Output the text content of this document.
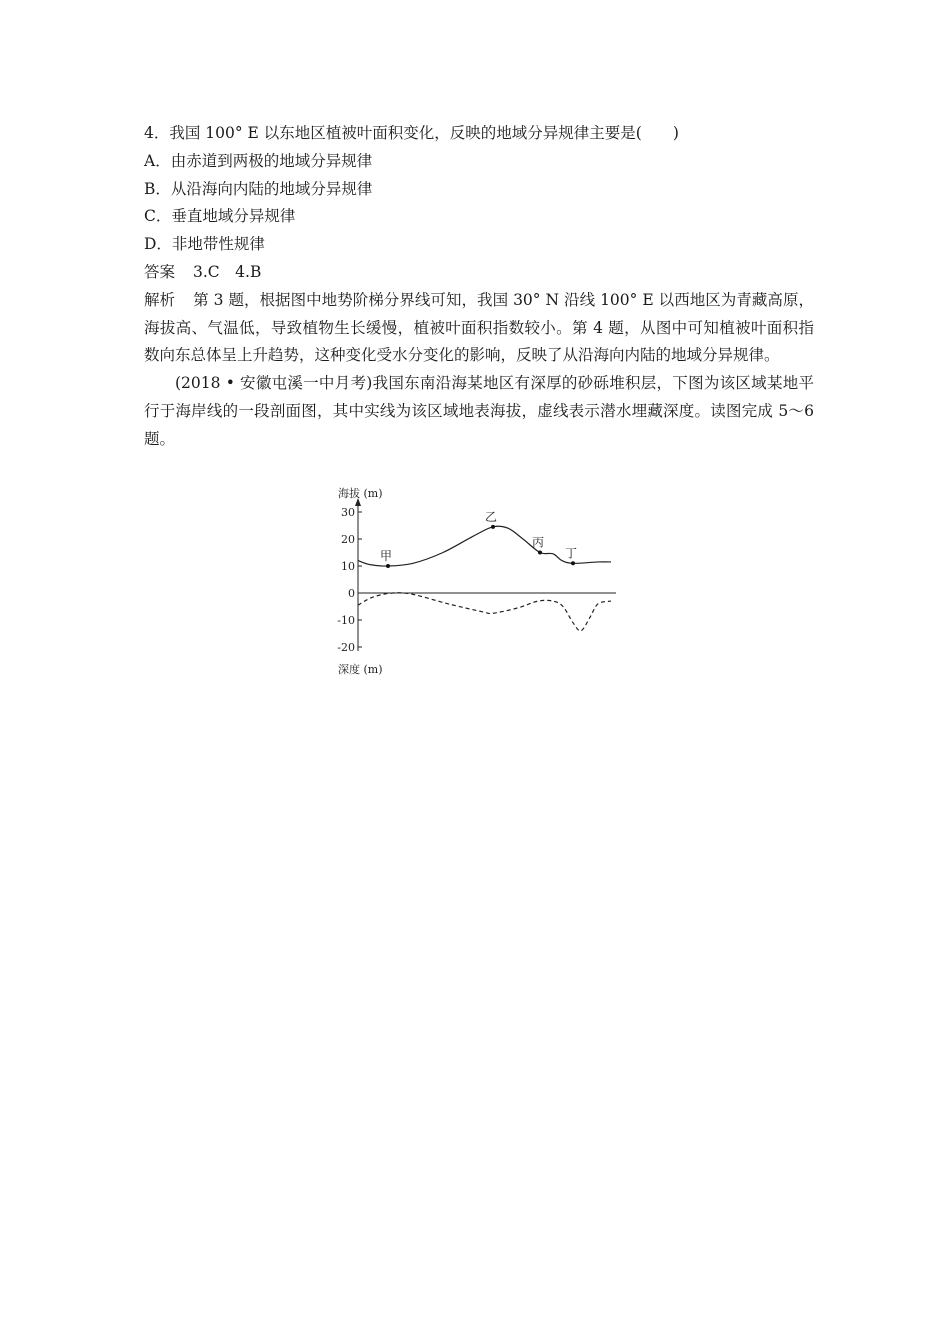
4．我国 100° E 以东地区植被叶面积变化，反映的地域分异规律主要是(　　)
A．由赤道到两极的地域分异规律
B．从沿海向内陆的地域分异规律
C．垂直地域分异规律
D．非地带性规律
答案 3.C　4.B
解析 第 3 题，根据图中地势阶梯分界线可知，我国 30° N 沿线 100° E 以西地区为青藏高原，海拔高、气温低，导致植物生长缓慢，植被叶面积指数较小。第 4 题，从图中可知植被叶面积指数向东总体呈上升趋势，这种变化受水分变化的影响，反映了从沿海向内陆的地域分异规律。
(2018 • 安徽屯溪一中月考)我国东南沿海某地区有深厚的砂砾堆积层，下图为该区域某地平行于海岸线的一段剖面图，其中实线为该区域地表海拔，虚线表示潜水埋藏深度。读图完成 5～6 题。
海拔 (m)
深度 (m)
30
20
10
0
-10
-20
甲
乙
丙
丁
